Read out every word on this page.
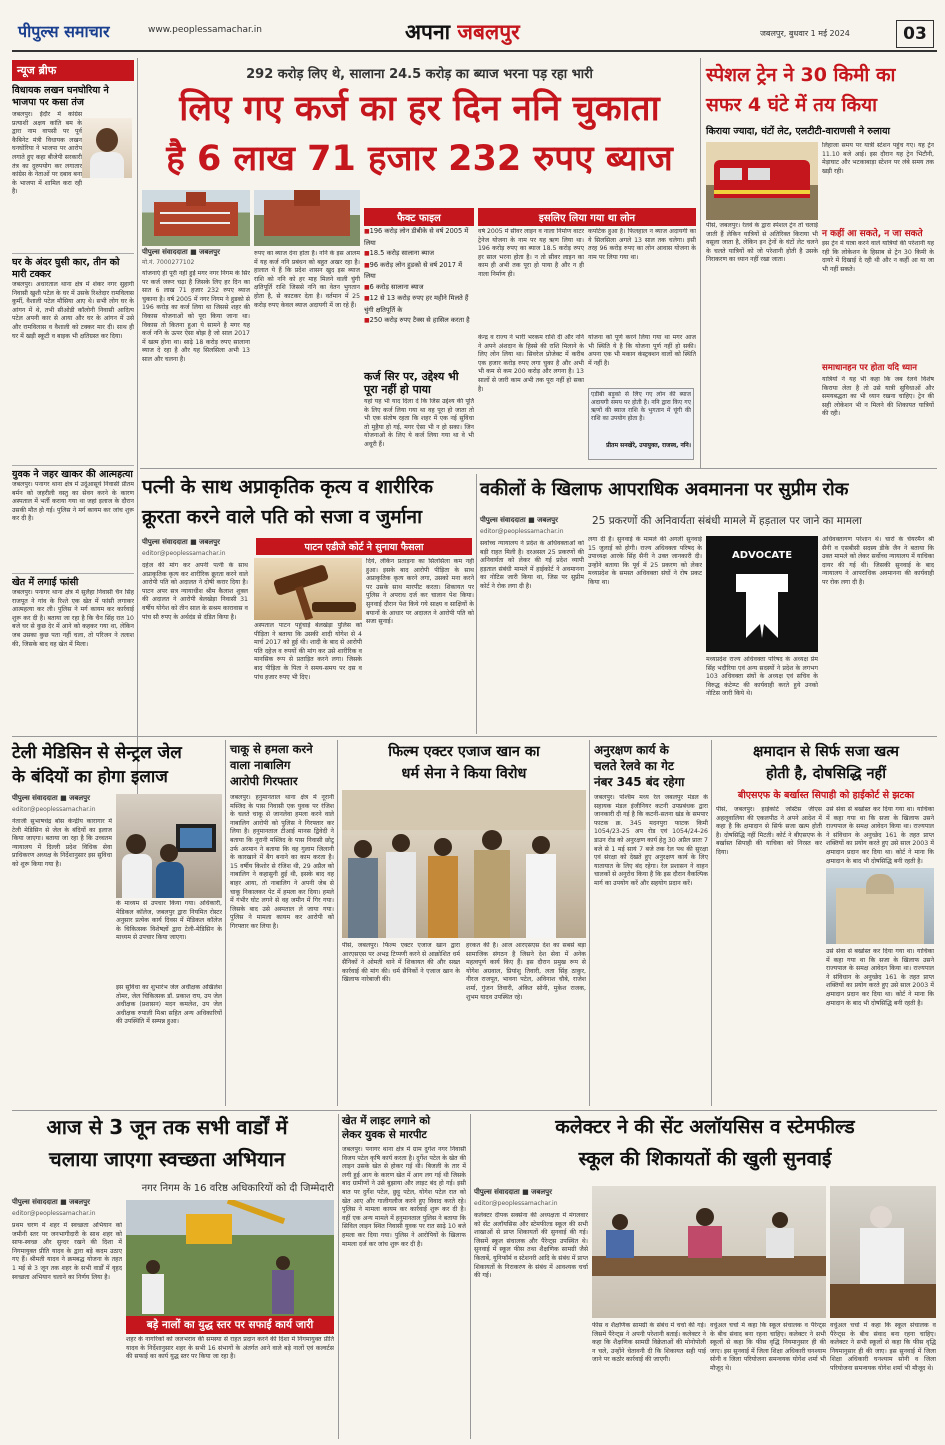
पीपुल्स समाचार	www.peoplessamachar.in	अपना जबलपुर	जबलपुर, बुधवार 1 मई 2024	03
न्यूज ब्रीफ
विधायक लखन घनघोरिया ने भाजपा पर कसा तंज
जबलपुर। ईंदौर में कांग्रेस प्रत्याशी अक्षय कांति बम के द्वारा नाम वापसी पर पूर्व कैबिनेट मंत्री विधायक लखन घनघोरिया ने भाजपा पर आरोप लगाते हुए कहा बीजेपी सरकारी तंत्र का दुरुपयोग कर लगातार कांग्रेस के नेताओं पर दबाव बना के भाजपा में शामिल करा रही है।
घर के अंदर घुसी कार, तीन को मारी टक्कर
जबलपुर। अधारताल थाना क्षेत्र में शंकर नगर सुहागी निवासी खुशी पटेल के घर में उसके रिश्तेदार रामविलास कुर्मी, वैशाली पटेल मौसिया आए थे। सभी लोग घर के आंगन में थे, तभी सीओडी कॉलोनी निवासी आदित्य पटेल अपनी कार से आया और घर के आंगन में उसे और रामविलास व वैशाली को टक्कर मार दी। साथ ही घर में खड़ी स्कूटी व बाइक भी क्षतिग्रस्त कर दिया।
युवक ने जहर खाकर की आत्महत्या
जबलपुर। पनागर थाना क्षेत्र में उर्दूआसूर्य निवासी प्रीतम बर्मन को जहरीली वस्तु का सेवन करने के कारण अस्पताल में भर्ती कराया गया था जहां इलाज के दौरान उसकी मौत हो गई। पुलिस ने मर्ग कायम कर जांच शुरू कर दी है।
खेत में लगाई फांसी
जबलपुर। पनागर थाना क्षेत्र में सुलैहा निवासी चैन सिंह राजपूत ने गांव के रिश्ते एक खेत में फांसी लगाकर आत्महत्या कर ली। पुलिस ने मर्ग कायम कर कार्रवाई शुरू कर दी है। बताया जा रहा है कि चैन सिंह रात 10 बजे घर से कुछ देर में आने को कहकर गया था, लेकिन जब उसका कुछ पता नहीं चला, तो परिजन ने तलाश की, जिसके बाद वह खेत में मिला।
292 करोड़ लिए थे, सालाना 24.5 करोड़ का ब्याज भरना पड़ रहा भारी
लिए गए कर्ज का हर दिन ननि चुकाता
है 6 लाख 71 हजार 232 रुपए ब्याज
पीपुल्स संवाददाता ■ जबलपुर
मो.नं. 7000277102
योजनाएं ही पूरी नहीं हुईं मगर नगर निगम के सिर पर कर्ज जरूर चढ़ा है जिसके लिए हर दिन का सात 6 लाख 71 हजार 232 रुपए ब्याज चुकाना है। वर्ष 2005 में नगर निगम ने हुडको से 196 करोड़ का कर्ज लिया था जिससे शहर की विकास योजनाओं को पूरा किया जाना था। विकास तो कितना हुआ ये सामने है मगर यह कर्ज ननि के ऊपर ऐसा बोझ है जो साल 2017 में खत्म होना था। साढ़े 18 करोड़ रुपए सालाना ब्याज दे रहा है और यह सिलसिला अभी 13 साल और चलना है।
रुपए का ब्याज देना होता है। ननि के इस आलम में यह कर्ज ननि प्रबंधन को बहुत अखर रहा है। हालात ये हैं कि प्रदेश शासन खुद इस ब्याज राशि को ननि को हर माह मिलने वाली चुंगी क्षतिपूर्ति राशि जिससे ननि का वेतन भुगतान होता है, से काटकर देता है। वर्तमान में 25 करोड़ रुपए केवल ब्याज अदायगी में जा रहे हैं।
फैक्ट फाइल
■ 196 करोड़ लोन डीबीके से वर्ष 2005 में लिया
■ 18.5 करोड़ सालाना ब्याज
■ 96 करोड़ लोन हुडको से वर्ष 2017 में लिया
■ 6 करोड़ सालाना ब्याज
■ 12 से 13 करोड़ रुपए हर महीने मिलते हैं चुंगी क्षतिपूर्ति के
■ 250 करोड़ रुपए टैक्स से हासिल करता है
कर्ज सिर पर, उद्देश्य भी पूरा नहीं हो पाया
यहां यह भी याद दिला दें कि जिस उद्देश्य की पूर्ति के लिए कर्ज लिया गया था वह पूरा हो जाता तो भी एक संतोष रहता कि शहर में एक नई सुविधा तो मुहैया हो गई, मगर ऐसा भी न हो सका। जिन योजनाओं के लिए ये कर्ज लिया गया था वे भी अधूरी हैं।
इसलिए लिया गया था लोन
वर्ष 2005 में सीवर लाइन व नाला निर्माण वाटर ट्रेनेज योजना के नाम पर यह ऋण लिया था। 196 करोड़ रुपए का ब्याज 18.5 करोड़ रुपए हर साल भरना होता है। न तो सीवर लाइन का काम ही अभी तक पूरा हो पाया है और न ही नाला निर्माण ही।
कपटिक हुआ है। फिलहाल न ब्याज अदायगी का ये सिलसिला अगले 13 साल तक चलेगा। इसी तरह 96 करोड़ रुपए का लोन आवास योजना के नाम पर लिया गया था।
केन्द्र व राज्य ने भारी भरकम राशि दी और ननि ने अपने अंशदान के हिस्से की राशि मिलाने के लिए लोन लिया था। सिवरेज प्रोजेक्ट में करीब एक हजार करोड़ रुपए लगा चुका है और अभी भी कम से कम 200 करोड़ और लगना है। 13 सालों से जारी काम अभी तक पूरा नहीं हो सका है।
योजना को पूर्ण करने लिया गया था मगर आज भी स्थिति ये है कि योजना पूर्ण नहीं हो सकी। अपना एक भी मकान कंस्ट्रक्शन वालों को स्थिति में नहीं है।
एडीबी बड़ूको से लिए गए लोन की ब्याज अदायगी समय पर होती है। ननि द्वारा किए गए ऋणों की ब्याज राशि के भुगतान में चूंगी की राशि का उपयोग होता है।
प्रीतम सनखेरे, उपायुक्त, राजस्व, ननि।
स्पेशल ट्रेन ने 30 किमी का
सफर 4 घंटे में तय किया
किराया ज्यादा, घंटों लेट, एलटीटी-वाराणसी ने रुलाया
पीसं, जबलपुर। रेलवे के द्वारा स्पेशल ट्रेन तो चलाई जाती हैं लेकिन यात्रियों से अतिरिक्त किराया भी वसूला जाता है, लेकिन इन ट्रेनों के घंटों लेट चलने के चलते यात्रियों को जो परेशानी होती है उसके निराकरण का ध्यान नहीं रखा जाता।
लिहाजा समय पर यात्री स्टेशन पहुंच गए। यह ट्रेन 11.10 बजे आई। इस दौरान यह ट्रेन भिटौनी, मेड़ाघाट और भटकाबाड़ा स्टेशन पर लंबे समय तक खड़ी रही।
न कहीं आ सकते, न जा सकते
इस ट्रेन में यात्रा करने वाले यात्रियों की परेशानी यह रही कि लोकेशन के हिसाब से ट्रेन 30 किमी के दायरे में दिखाई दे रही थी और न कहीं आ या जा भी नहीं सकते।
समाधानहन पर होता यदि ध्यान
यात्रियों ने यह भी कहा कि जब रेलवे विशेष किराया लेता है तो उसे यात्री सुविधाओं और समयबद्धता का भी ध्यान रखना चाहिए। ट्रेन की सही लोकेशन भी न मिलने की शिकायत यात्रियों की रही।
पत्नी के साथ अप्राकृतिक कृत्य व शारीरिक
क्रूरता करने वाले पति को सजा व जुर्माना
पीपुल्स संवाददाता ■ जबलपुर	पाटन एडीजे कोर्ट ने सुनाया फैसला
editor@peoplessamachar.in
दहेज की मांग कर अपनी पत्नी के साथ अप्राकृतिक कृत्य कर शारीरिक क्रूरता करने वाले आरोपी पति को अदालत ने दोषी करार दिया है। पाटन अपर सत्र न्यायाधीश श्रीम कैलाश शुक्ल की अदालत ने आरोपी बेलखेड़ा निवासी 31 वर्षीय योगेश को तीन साल के सश्रम कारावास व पांच सौ रुपए के अर्थदंड से दंडित किया है।
अस्पताल पाटन पहुंचाई बेलखेड़ा पुलिस को पीड़िता ने बताया कि उसकी शादी योगेश से 4 मार्च 2017 को हुई थी। शादी के बाद से आरोपी पति दहेज व रुपयों की मांग कर उसे शारीरिक व मानसिक रूप से प्रताड़ित करने लगा। जिसके बाद पीड़िता के पिता ने समय-समय पर दस व पांच हजार रुपए भी दिए।
दिये, लेकिन प्रताड़ना का सिलसिला कम नहीं हुआ। इसके बाद आरोपी पीड़िता के साथ अप्राकृतिक कृत्य करने लगा, उसको मना करने पर उसके साथ मारपीट करता। शिकायत पर पुलिस ने अपराध दर्ज कर चालान पेश किया। सुनवाई दौरान पेश किये गये साक्ष्य व साक्षियों के बयानों के आधार पर अदालत ने आरोपी पति को सजा सुनाई।
वकीलों के खिलाफ आपराधिक अवमानना पर सुप्रीम रोक
पीपुल्स संवाददाता ■ जबलपुर	25 प्रकरणों की अनिवार्यता संबंधी मामले में हड़ताल पर जाने का मामला
editor@peoplessamachar.in
सर्वोच्च न्यायालय ने प्रदेश के अधिवक्ताओं को बड़ी राहत मिली है। दरअसल 25 प्रकरणों की अनिवार्यता को लेकर की गई प्रदेश व्यापी हड़ताल संबंधी मामले में हाईकोर्ट ने अवमानना का नोटिस जारी किया था, जिस पर सुप्रीम कोर्ट ने रोक लगा दी है।
लगा दी है। सुनवाई के मामले की अगली सुनवाई 15 जुलाई को होगी। राज्य अधिवक्ता परिषद के उपाध्यक्ष आरके सिंह सैनी ने उक्त जानकारी दी। उन्होंने बताया कि पूर्व में 25 प्रकरण को लेकर मध्यप्रदेश के समस्त अधिवक्ता संघों ने रोष प्रकट किया था।
ADVOCATE
मध्यप्रदेश राज्य अधिवक्ता परिषद के अध्यक्ष प्रेम सिंह भदौरिया एवं अन्य सदस्यों ने प्रदेश के लगभग 103 अधिवक्ता संघों के अध्यक्ष एवं सचिव के विरुद्ध कंटेम्प्ट की कार्यवाही करते हुये उनको नोटिस जारी किये थे।
अधिवक्तागण परेशान थे। चारों के चेयरमैन श्री सैनी व एसबीसी सदस्य डीके जैन ने बताया कि उक्त मामले को लेकर सर्वोच्च न्यायालय में याचिका दायर की गई थी। जिसकी सुनवाई के बाद न्यायालय ने आपराधिक अवमानना की कार्यवाही पर रोक लगा दी है।
टेली मेडिसिन से सेन्ट्रल जेल
के बंदियों का होगा इलाज
पीपुल्स संवाददाता ■ जबलपुर
editor@peoplessamachar.in
नेताजी सुभाषचंद्र बोस केन्द्रीय कारागार में टेली मेडिसिन से जेल के बंदियों का इलाज किया जाएगा। बताया जा रहा है कि उच्चतम न्यायालय में दिल्ली प्रदेश विधिक सेवा प्राधिकरण अध्यक्ष के निर्देशानुसार इस सुविधा को शुरू किया गया है।
के माध्यम से उपचार किया गया। अधिकारी, मेडिकल कॉलेज, जबलपुर द्वारा नियमित रोस्टर अनुसार प्रत्येक कार्य दिवस में मेडिकल कॉलेज के चिकित्सक विशेषज्ञों द्वारा टेली-मेडिसिन के माध्यम से उपचार किया जाएगा।
इस सुविधा का शुभारंभ जेल अधीक्षक अखिलेश तोमर, जेल चिकित्सक डॉ. प्रकाश राय, उप जेल अधीक्षक (प्रशासन) मदन कमलेश, उप जेल अधीक्षक रुपाली मिश्रा सहित अन्य अधिकारियों की उपस्थिति में सम्पन्न हुआ।
चाकू से हमला करने
वाला नाबालिग
आरोपी गिरफ्तार
जबलपुर। हनुमानताल थाना क्षेत्र में नूरानी मस्जिद के पास निवासी एक युवक पर रंजिश के चलते चाकू से जानलेवा हमला करने वाले नाबालिग आरोपी को पुलिस ने गिरफ्तार कर लिया है। हनुमानताल टीआई मानस द्विवेदी ने बताया कि नूरानी मस्जिद के पास निवासी छोटू उर्फ अरमान ने बताया कि वह गुलाम जिलानी के कारखाने में बैग बनाने का काम करता है। 15 वर्षीय किशोर से रंजिश थी, 29 अप्रैल को नाबालिग ने कहासुनी हुई थी, इसके बाद वह बाहर आया, तो नाबालिग ने अपनी जेब से चाकू निकालकर पेट में हमला कर दिया। हमले में गंभीर घोट लगने से वह जमीन में गिर गया। जिसके बाद उसे अस्पताल ले जाया गया। पुलिस ने मामला कायम कर आरोपी को गिरफ्तार कर लिया है।
फिल्म एक्टर एजाज खान का
धर्म सेना ने किया विरोध
पीसं, जबलपुर। फिल्म एक्टर एजाज खान द्वारा आरएसएस पर अभद्र टिप्पणी करने से आक्रोशित धर्म सैनिकों ने ओमती थाने में शिकायत की और सख्त कार्रवाई की मांग की। धर्म सैनिकों ने एजाज खान के खिलाफ नारेबाजी की।
हरकत की है। आज आरएसएस देश का सबसे बड़ा सामाजिक संगठन है जिसने देश सेवा में अनेक महत्वपूर्ण कार्य किए हैं। इस दौरान प्रमुख रूप से योगेश अग्रवाल, प्रियांशु तिवारी, लता सिंह ठाकुर, नीरज राजपूत, भावना पटेल, अविनाश चौबे, राजेश शर्मा, गुंजन तिवारी, अंकित सोनी, मुकेश राजक, शुभम यादव उपस्थित रहे।
अनुरक्षण कार्य के
चलते रेलवे का गेट
नंबर 345 बंद रहेगा
जबलपुर। पश्चिम मध्य रेल जबलपुर मंडल के सहायक मंडल इंजीनियर कटनी उपप्रबंधक द्वारा जानकारी दी गई है कि कटनी-सतना खंड के समपार फाटक क्र. 345 मदनपुरा फाटक किमी 1054/23-25 अप रोड एवं 1054/24-26 डाउन रोड को अनुरक्षण कार्य हेतु 30 अप्रैल प्रातः 7 बजे से 1 मई सायं 7 बजे तक रेल पथ की सुरक्षा एवं संरक्षा को देखते हुए अनुरक्षण कार्य के लिए यातायात के लिए बंद रहेगा। रेल प्रशासन ने वाहन चालकों से अनुरोध किया है कि इस दौरान वैकल्पिक मार्ग का उपयोग करें और सहयोग प्रदान करें।
क्षमादान से सिर्फ सजा खत्म
होती है, दोषसिद्धि नहीं
बीएसएफ के बर्खास्त सिपाही को हाईकोर्ट से झटका
पीसं, जबलपुर। हाईकोर्ट जस्टिस जीएस अहलूवालिया की एकलपीठ ने अपने आदेश में कहा है कि क्षमादान से सिर्फ सजा खत्म होती है। दोषसिद्धि नहीं मिटती। कोर्ट ने बीएसएफ के बर्खास्त सिपाही की याचिका को निरस्त कर दिया।
उसे सेवा से बर्खास्त कर दिया गया था। याचिका में कहा गया था कि सजा के खिलाफ उसने राज्यपाल के समक्ष आवेदन किया था। राज्यपाल ने संविधान के अनुच्छेद 161 के तहत प्राप्त शक्तियों का प्रयोग करते हुए उसे साल 2003 में क्षमादान प्रदान कर दिया था। कोर्ट ने माना कि क्षमादान के बाद भी दोषसिद्धि बनी रहती है।
उसे सेवा से बर्खास्त कर दिया गया था। याचिका में कहा गया था कि सजा के खिलाफ उसने राज्यपाल के समक्ष आवेदन किया था। राज्यपाल ने संविधान के अनुच्छेद 161 के तहत प्राप्त शक्तियों का प्रयोग करते हुए उसे साल 2003 में क्षमादान प्रदान कर दिया था। कोर्ट ने माना कि क्षमादान के बाद भी दोषसिद्धि बनी रहती है।
आज से 3 जून तक सभी वार्डों में
चलाया जाएगा स्वच्छता अभियान
नगर निगम के 16 वरिष्ठ अधिकारियों को दी जिम्मेदारी
पीपुल्स संवाददाता ■ जबलपुर
editor@peoplessamachar.in
प्रथम चरण में शहर में स्वच्छता अभियान को जमीनी स्तर पर जनभागीदारी के साथ शहर को साफ-स्वच्छ और सुन्दर रखने की दिशा में निगमायुक्त प्रीति यादव के द्वारा बड़े कदम उठाए गए हैं। श्रीमती यादव ने क्रमबद्ध योजना के तहत 1 मई से 3 जून तक शहर के सभी वार्डों में वृहद स्वच्छता अभियान चलाने का निर्णय लिया है।
बड़े नालों का युद्ध स्तर पर सफाई कार्य जारी
शहर के नागरिकों को जलभराव की समस्या से राहत प्रदान करने की दिशा में निगमायुक्त प्रीति यादव के निर्देशानुसार शहर के सभी 16 संभागों के अंतर्गत आने वाले बड़े नालों एवं कल्वर्टस की सफाई का कार्य युद्ध स्तर पर किया जा रहा है।
खेत में लाइट लगाने को
लेकर युवक से मारपीट
जबलपुर। पनागर थाना क्षेत्र में ग्राम दुर्गेश नगर निवासी विजय पटेल कृषि कार्य करता है। दुर्गेश पटेल के खेत की लाइन उसके खेत से होकर गई थी। बिजली के तार में लगी हुई आग के कारण खेत में आग लग गई थी जिसके बाद ग्रामीणों ने उसे बुझाया और लाइट बंद हो गई। इसी बात पर दुर्गेश पटेल, छुट्टू पटेल, योगेश पटेल रात को खेत आए और गालीगलौज करने हुए विवाद करते रहे। पुलिस ने मामला कायम कर कार्रवाई शुरू कर दी है। वहीं एक अन्य मामले में हनुमानताल पुलिस ने बताया कि सिविल लाइन स्थित निवासी युवक पर रात साढ़े 10 बजे हमला कर दिया गया। पुलिस ने आरोपियों के खिलाफ मामला दर्ज कर जांच शुरू कर दी है।
कलेक्टर ने की सेंट अलॉयसिस व स्टेमफील्ड
स्कूल की शिकायतों की खुली सुनवाई
पीपुल्स संवाददाता ■ जबलपुर
editor@peoplessamachar.in
कलेक्टर दीपक सक्सेना की अध्यक्षता में मंगलवार को सेंट अलॉयसिस और स्टेमफील्ड स्कूल की सभी शाखाओं से प्राप्त शिकायतों की सुनवाई की गई। जिसमें स्कूल संचालक और पैरेन्ट्स उपस्थित थे। सुनवाई में स्कूल फीस तथा शैक्षणिक सामग्री जैसे किताबें, यूनिफॉर्म व स्टेशनरी आदि के संबंध में प्राप्त शिकायतों के निराकरण के संबंध में आवश्यक चर्चा की गई।
फीस व शैक्षणिक सामग्री के संबंध में चर्चा की गई। जिसमें पैरेन्ट्स ने अपनी परेशानी बताई। कलेक्टर ने कहा कि शैक्षणिक सामग्री विक्रेताओं की मोनोपोली न चले, उन्होंने चेतावनी दी कि शिकायत सही पाई जाने पर कठोर कार्रवाई की जाएगी।
वर्चुअल चर्चा में कहा कि स्कूल संचालक व पैरेन्ट्स के बीच संवाद बना रहना चाहिए। कलेक्टर ने सभी स्कूलों से कहा कि फीस वृद्धि नियमानुसार ही की जाए। इस सुनवाई में जिला शिक्षा अधिकारी घनश्याम सोनी व जिला परियोजना समन्वयक योगेश शर्मा भी मौजूद थे।
वर्चुअल चर्चा में कहा कि स्कूल संचालक व पैरेन्ट्स के बीच संवाद बना रहना चाहिए। कलेक्टर ने सभी स्कूलों से कहा कि फीस वृद्धि नियमानुसार ही की जाए। इस सुनवाई में जिला शिक्षा अधिकारी घनश्याम सोनी व जिला परियोजना समन्वयक योगेश शर्मा भी मौजूद थे।
